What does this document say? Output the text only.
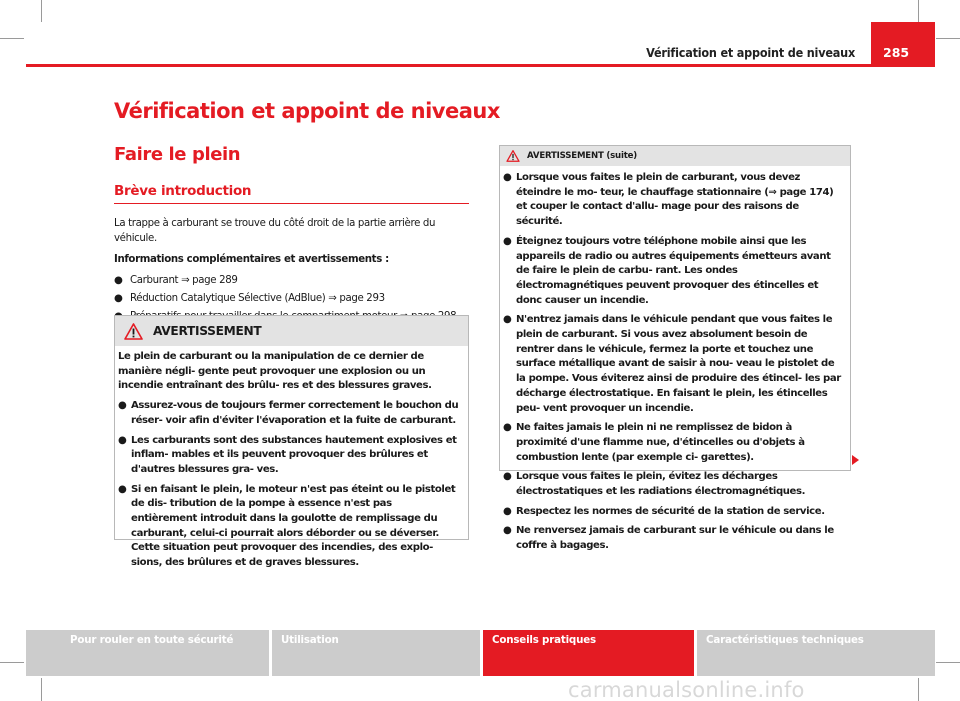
Vérification et appoint de niveaux	285
Vérification et appoint de niveaux
Faire le plein
Brève introduction

La trappe à carburant se trouve du côté droit de la partie arrière du véhicule.

Informations complémentaires et avertissements :

● Carburant ⇒ page 289
● Réduction Catalytique Sélective (AdBlue) ⇒ page 293
AVERTISSEMENT

Le plein de carburant ou la manipulation de ce dernier de manière négli- gente peut provoquer une explosion ou un incendie entraînant des brûlu- res et des blessures graves.

● Assurez-vous de toujours fermer correctement le bouchon du réser- voir afin d'éviter l'évaporation et la fuite de carburant.

● Les carburants sont des substances hautement explosives et inflam- mables et ils peuvent provoquer des brûlures et d'autres blessures gra- ves.

● Si en faisant le plein, le moteur n'est pas éteint ou le pistolet de dis- tribution de la pompe à essence n'est pas entièrement introduit dans la goulotte de remplissage du carburant, celui-ci pourrait alors déborder ou se déverser. Cette situation peut provoquer des incendies, des explo- sions, des brûlures et de graves blessures.

AVERTISSEMENT (suite)
● Lorsque vous faites le plein de carburant, vous devez éteindre le mo- teur, le chauffage stationnaire (⇒ page 174) et couper le contact d'allu- mage pour des raisons de sécurité.

● Éteignez toujours votre téléphone mobile ainsi que les appareils de radio ou autres équipements émetteurs avant de faire le plein de carbu- rant. Les ondes électromagnétiques peuvent provoquer des étincelles et donc causer un incendie.

● N'entrez jamais dans le véhicule pendant que vous faites le plein de carburant. Si vous avez absolument besoin de rentrer dans le véhicule, fermez la porte et touchez une surface métallique avant de saisir à nou- veau le pistolet de la pompe. Vous éviterez ainsi de produire des étincel- les par décharge électrostatique. En faisant le plein, les étincelles peu- vent provoquer un incendie.

● Ne faites jamais le plein ni ne remplissez de bidon à proximité d'une flamme nue, d'étincelles ou d'objets à combustion lente (par exemple ci- garettes).

● Lorsque vous faites le plein, évitez les décharges électrostatiques et les radiations électromagnétiques.

● Respectez les normes de sécurité de la station de service.

● Ne renversez jamais de carburant sur le véhicule ou dans le coffre à bagages.

Pour rouler en toute sécurité	Utilisation	Conseils pratiques	Caractéristiques techniques
carmanualsonline.info
